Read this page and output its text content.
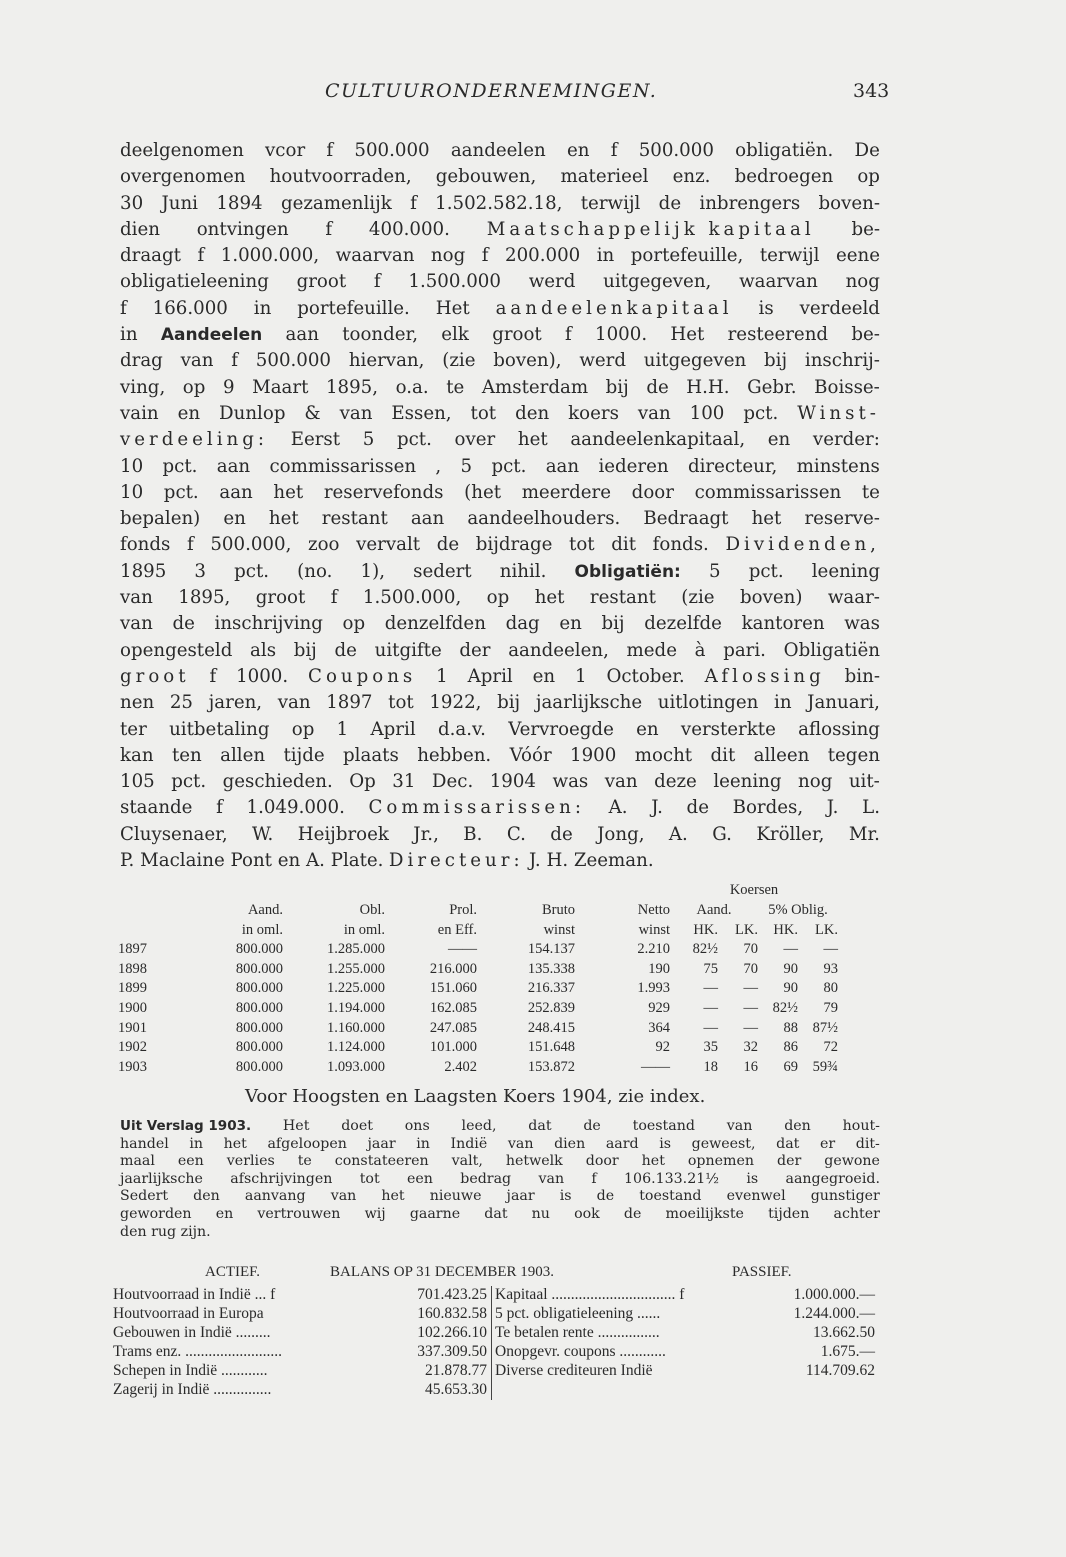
CULTUURONDERNEMINGEN.	343
deelgenomen vcor f 500.000 aandeelen en f 500.000 obligatiën. De
overgenomen houtvoorraden, gebouwen, materieel enz. bedroegen op
30 Juni 1894 gezamenlijk f 1.502.582.18, terwijl de inbrengers boven-
dien ontvingen f 400.000. Maatschappelijk kapitaal be-
draagt f 1.000.000, waarvan nog f 200.000 in portefeuille, terwijl eene
obligatieleening groot f 1.500.000 werd uitgegeven, waarvan nog
f 166.000 in portefeuille. Het aandeelenkapitaal is verdeeld
in Aandeelen aan toonder, elk groot f 1000. Het resteerend be-
drag van f 500.000 hiervan, (zie boven), werd uitgegeven bij inschrij-
ving, op 9 Maart 1895, o.a. te Amsterdam bij de H.H. Gebr. Boisse-
vain en Dunlop & van Essen, tot den koers van 100 pct. Winst-
verdeeling: Eerst 5 pct. over het aandeelenkapitaal, en verder:
10 pct. aan commissarissen , 5 pct. aan iederen directeur, minstens
10 pct. aan het reservefonds (het meerdere door commissarissen te
bepalen) en het restant aan aandeelhouders. Bedraagt het reserve-
fonds f 500.000, zoo vervalt de bijdrage tot dit fonds. Dividenden,
1895 3 pct. (no. 1), sedert nihil. Obligatiën: 5 pct. leening
van 1895, groot f 1.500.000, op het restant (zie boven) waar-
van de inschrijving op denzelfden dag en bij dezelfde kantoren was
opengesteld als bij de uitgifte der aandeelen, mede à pari. Obligatiën
groot f 1000. Coupons 1 April en 1 October. Aflossing bin-
nen 25 jaren, van 1897 tot 1922, bij jaarlijksche uitlotingen in Januari,
ter uitbetaling op 1 April d.a.v. Vervroegde en versterkte aflossing
kan ten allen tijde plaats hebben. Vóór 1900 mocht dit alleen tegen
105 pct. geschieden. Op 31 Dec. 1904 was van deze leening nog uit-
staande f 1.049.000. Commissarissen: A. J. de Bordes, J. L.
Cluysenaer, W. Heijbroek Jr., B. C. de Jong, A. G. Kröller, Mr.
P. Maclaine Pont en A. Plate. Directeur: J. H. Zeeman.
						Koersen			
	Aand.	Obl.	Prol.	Bruto	Netto	Aand.		5% Oblig.	
	in oml.	in oml.	en Eff.	winst	winst	HK.	LK.	HK.	LK.
1897	800.000	1.285.000	——	154.137	2.210	82½	70	—	—
1898	800.000	1.255.000	216.000	135.338	190	75	70	90	93
1899	800.000	1.225.000	151.060	216.337	1.993	—	—	90	80
1900	800.000	1.194.000	162.085	252.839	929	—	—	82½	79
1901	800.000	1.160.000	247.085	248.415	364	—	—	88	87½
1902	800.000	1.124.000	101.000	151.648	92	35	32	86	72
1903	800.000	1.093.000	2.402	153.872	——	18	16	69	59¾
Voor Hoogsten en Laagsten Koers 1904, zie index.
Uit Verslag 1903. Het doet ons leed, dat de toestand van den hout-
handel in het afgeloopen jaar in Indië van dien aard is geweest, dat er dit-
maal een verlies te constateeren valt, hetwelk door het opnemen der gewone
jaarlijksche afschrijvingen tot een bedrag van f 106.133.21½ is aangegroeid.
Sedert den aanvang van het nieuwe jaar is de toestand evenwel gunstiger
geworden en vertrouwen wij gaarne dat nu ook de moeilijkste tijden achter
den rug zijn.
ACTIEF.	BALANS OP 31 DECEMBER 1903.	PASSIEF.
Houtvoorraad in Indië ... f	701.423.25	Kapitaal ................................ f	1.000.000.—
Houtvoorraad in Europa	160.832.58	5 pct. obligatieleening ......	1.244.000.—
Gebouwen in Indië .........	102.266.10	Te betalen rente ................	13.662.50
Trams enz. .........................	337.309.50	Onopgevr. coupons ............	1.675.—
Schepen in Indië ............	21.878.77	Diverse crediteuren Indië	114.709.62
Zagerij in Indië ...............	45.653.30		
